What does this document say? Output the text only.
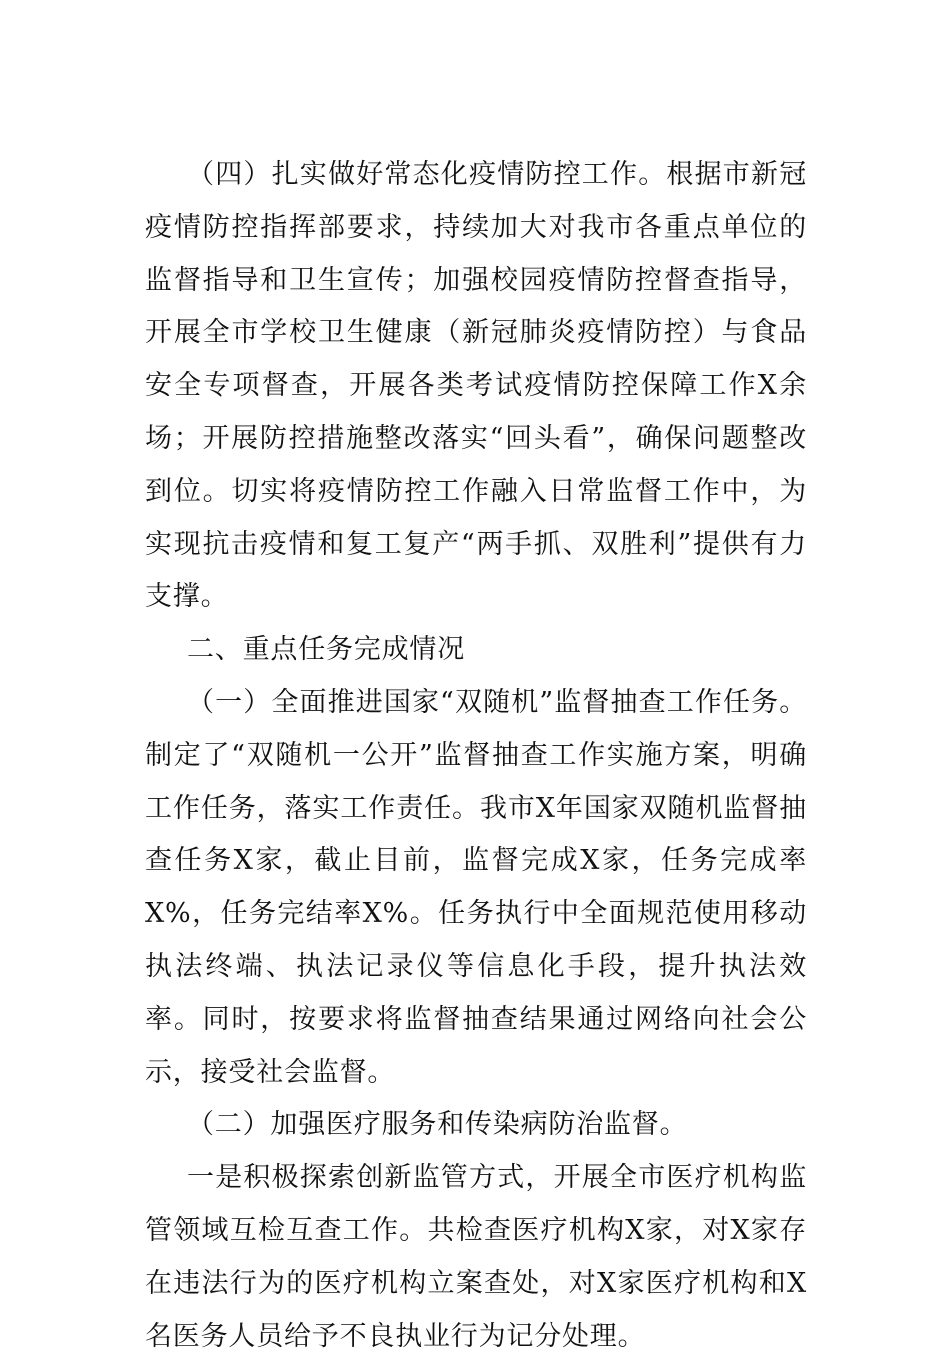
（四）扎实做好常态化疫情防控工作。根据市新冠疫情防控指挥部要求，持续加大对我市各重点单位的监督指导和卫生宣传；加强校园疫情防控督查指导，开展全市学校卫生健康（新冠肺炎疫情防控）与食品安全专项督查，开展各类考试疫情防控保障工作X余场；开展防控措施整改落实“回头看”，确保问题整改到位。切实将疫情防控工作融入日常监督工作中，为实现抗击疫情和复工复产“两手抓、双胜利”提供有力支撑。

二、重点任务完成情况

（一）全面推进国家“双随机”监督抽查工作任务。制定了“双随机一公开”监督抽查工作实施方案，明确工作任务，落实工作责任。我市X年国家双随机监督抽查任务X家，截止目前，监督完成X家，任务完成率X%，任务完结率X%。任务执行中全面规范使用移动执法终端、执法记录仪等信息化手段，提升执法效率。同时，按要求将监督抽查结果通过网络向社会公示，接受社会监督。

（二）加强医疗服务和传染病防治监督。

一是积极探索创新监管方式，开展全市医疗机构监管领域互检互查工作。共检查医疗机构X家，对X家存在违法行为的医疗机构立案查处，对X家医疗机构和X名医务人员给予不良执业行为记分处理。
